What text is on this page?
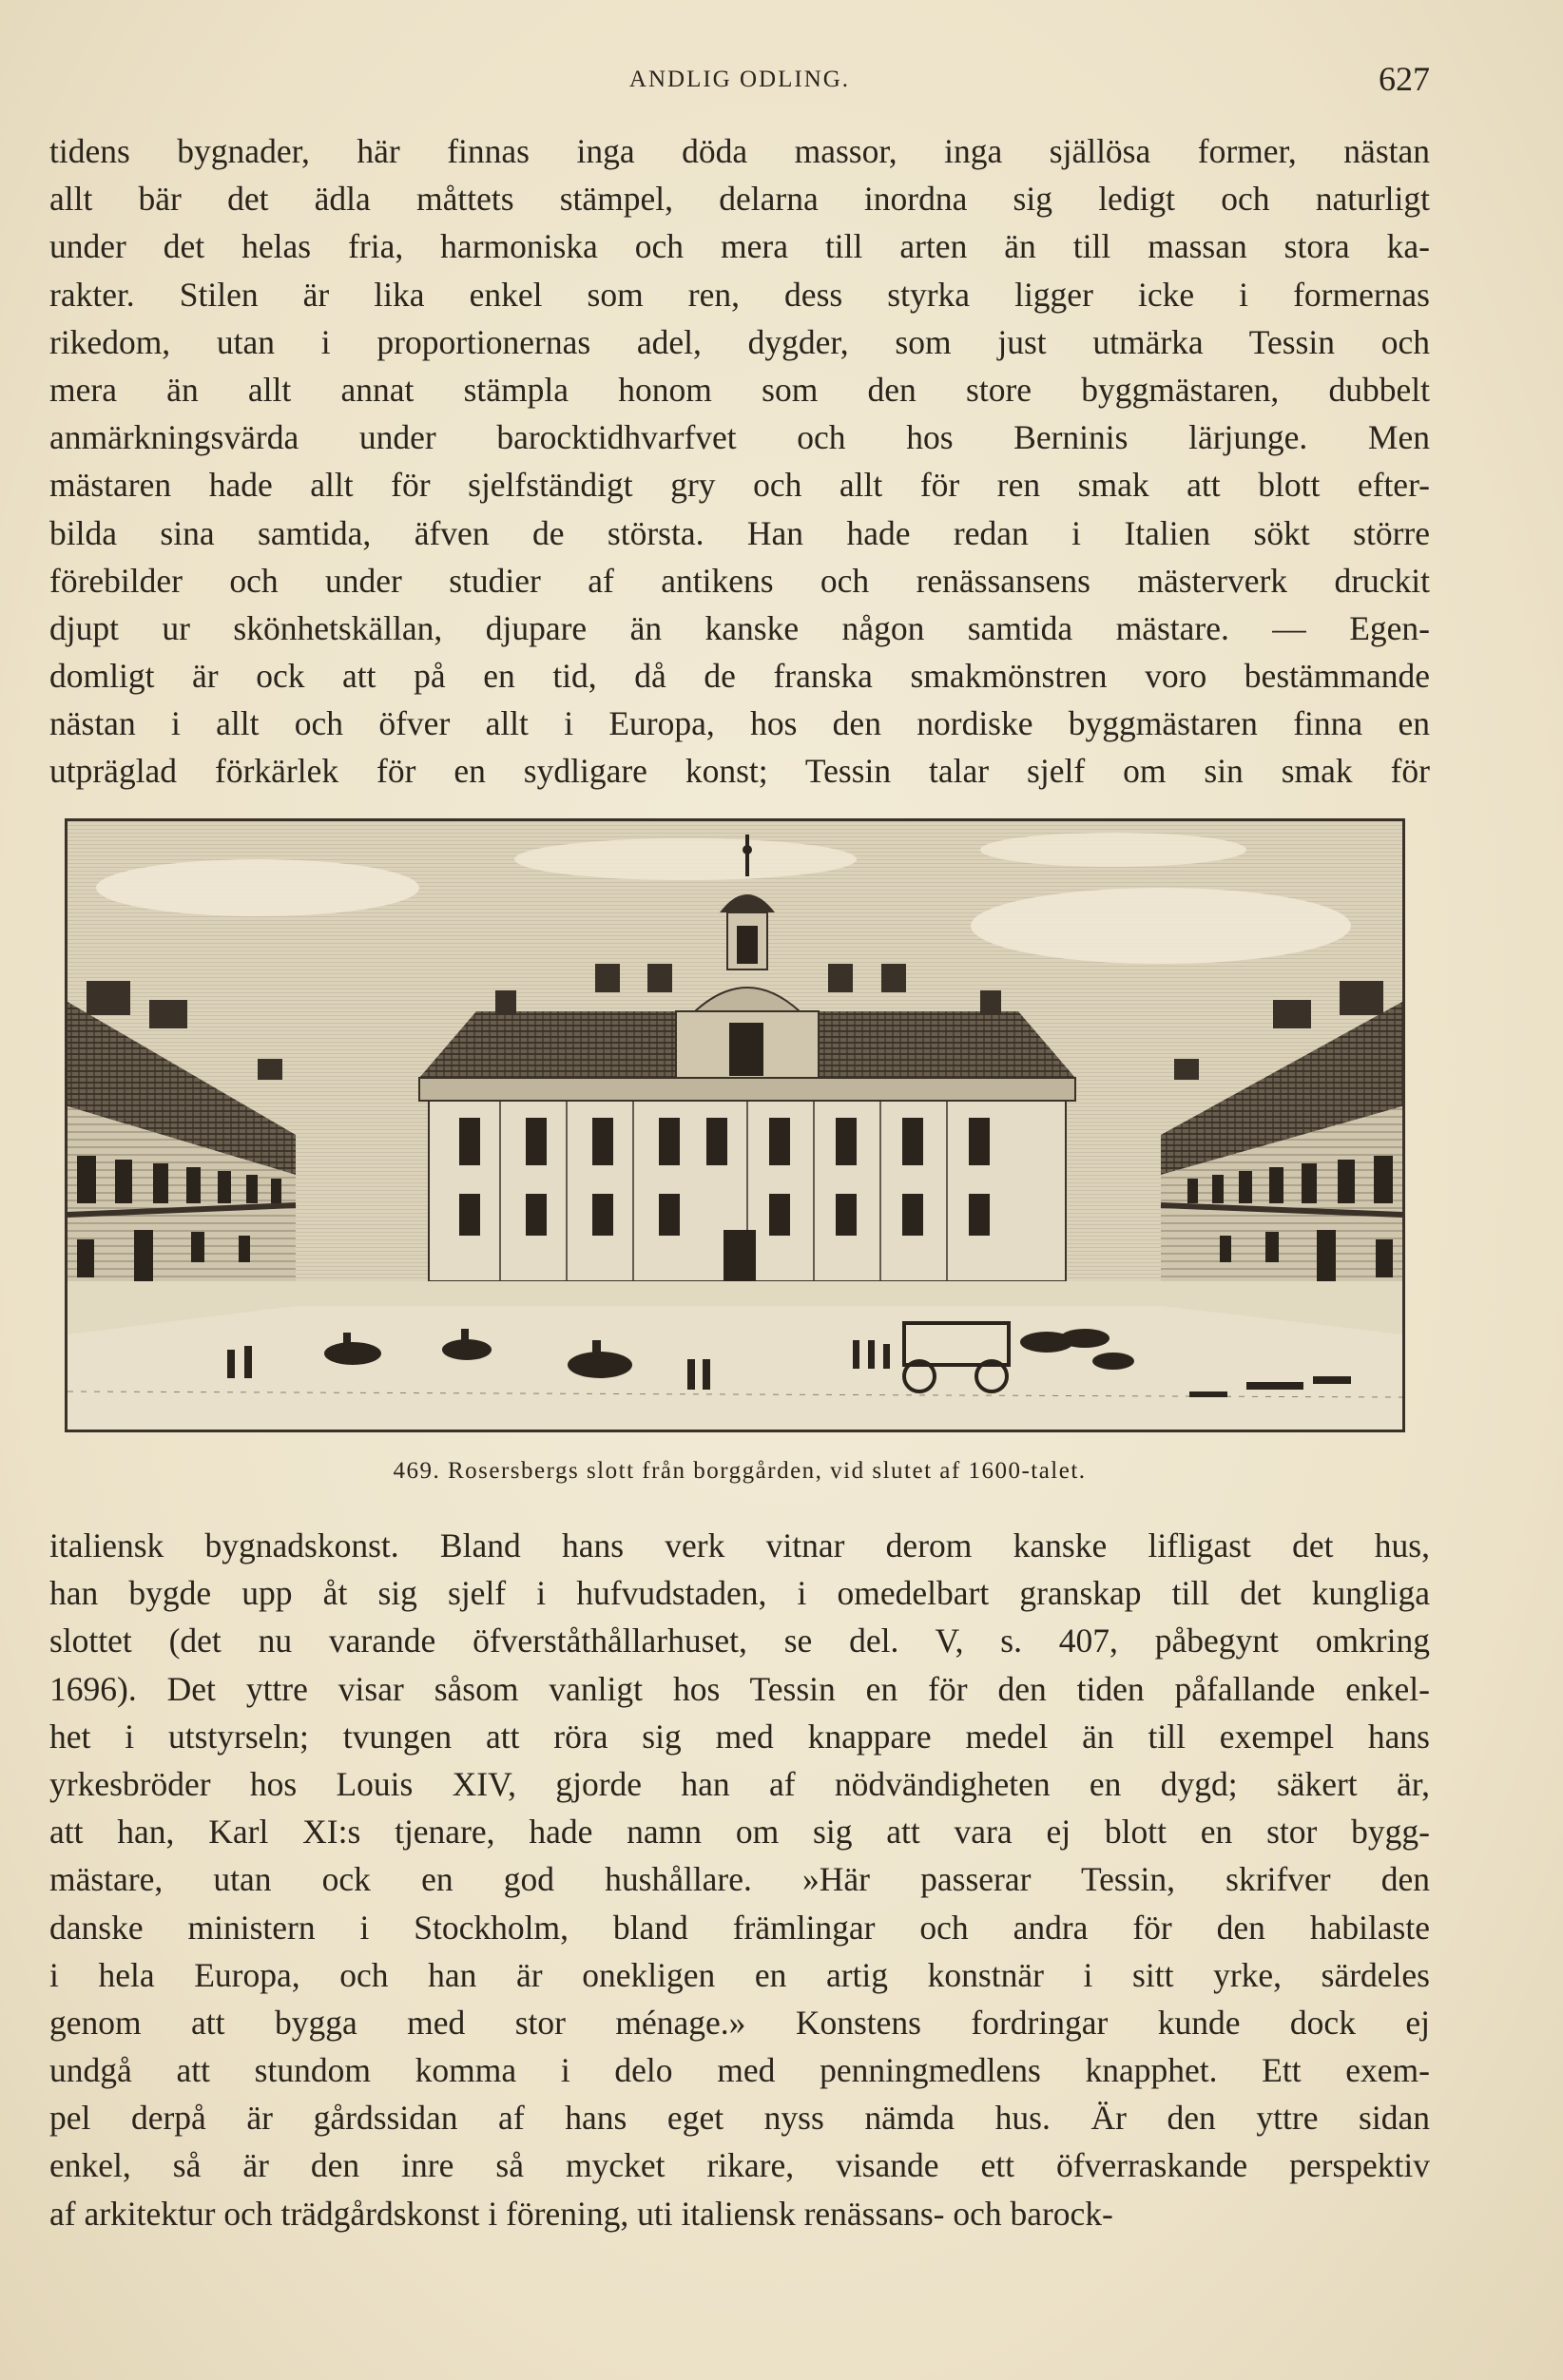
ANDLIG ODLING.	627
tidens bygnader, här finnas inga döda massor, inga själlösa former, nästan
allt bär det ädla måttets stämpel, delarna inordna sig ledigt och naturligt
under det helas fria, harmoniska och mera till arten än till massan stora ka-
rakter. Stilen är lika enkel som ren, dess styrka ligger icke i formernas
rikedom, utan i proportionernas adel, dygder, som just utmärka Tessin och
mera än allt annat stämpla honom som den store byggmästaren, dubbelt
anmärkningsvärda under barocktidhvarfvet och hos Berninis lärjunge. Men
mästaren hade allt för sjelfständigt gry och allt för ren smak att blott efter-
bilda sina samtida, äfven de största. Han hade redan i Italien sökt större
förebilder och under studier af antikens och renässansens mästerverk druckit
djupt ur skönhetskällan, djupare än kanske någon samtida mästare. — Egen-
domligt är ock att på en tid, då de franska smakmönstren voro bestämmande
nästan i allt och öfver allt i Europa, hos den nordiske byggmästaren finna en
utpräglad förkärlek för en sydligare konst; Tessin talar sjelf om sin smak för
469. Rosersbergs slott från borggården, vid slutet af 1600-talet.
italiensk bygnadskonst. Bland hans verk vitnar derom kanske lifligast det hus,
han bygde upp åt sig sjelf i hufvudstaden, i omedelbart granskap till det kungliga
slottet (det nu varande öfverståthållarhuset, se del. V, s. 407, påbegynt omkring
1696). Det yttre visar såsom vanligt hos Tessin en för den tiden påfallande enkel-
het i utstyrseln; tvungen att röra sig med knappare medel än till exempel hans
yrkesbröder hos Louis XIV, gjorde han af nödvändigheten en dygd; säkert är,
att han, Karl XI:s tjenare, hade namn om sig att vara ej blott en stor bygg-
mästare, utan ock en god hushållare. »Här passerar Tessin, skrifver den
danske ministern i Stockholm, bland främlingar och andra för den habilaste
i hela Europa, och han är onekligen en artig konstnär i sitt yrke, särdeles
genom att bygga med stor ménage.» Konstens fordringar kunde dock ej
undgå att stundom komma i delo med penningmedlens knapphet. Ett exem-
pel derpå är gårdssidan af hans eget nyss nämda hus. Är den yttre sidan
enkel, så är den inre så mycket rikare, visande ett öfverraskande perspektiv
af arkitektur och trädgårdskonst i förening, uti italiensk renässans- och barock-
